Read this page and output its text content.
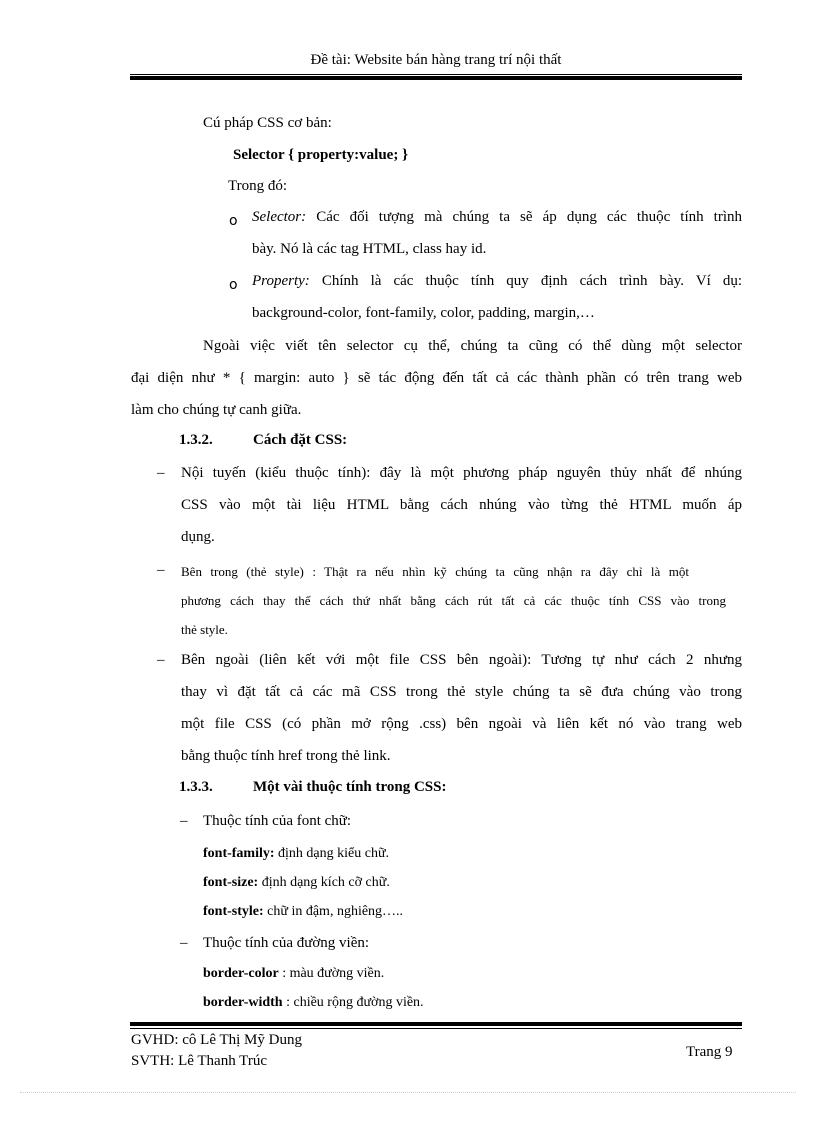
Đề tài: Website bán hàng trang trí nội thất
Cú pháp CSS cơ bản:
Selector { property:value; }
Trong đó:
o Selector: Các đối tượng mà chúng ta sẽ áp dụng các thuộc tính trình
bày. Nó là các tag HTML, class hay id.
o Property: Chính là các thuộc tính quy định cách trình bày. Ví dụ:
background-color, font-family, color, padding, margin,…
Ngoài việc viết tên selector cụ thể, chúng ta cũng có thể dùng một selector
đại diện như * { margin: auto } sẽ tác động đến tất cả các thành phần có trên trang web
làm cho chúng tự canh giữa.
1.3.2.	Cách đặt CSS:
– Nội tuyến (kiểu thuộc tính): đây là một phương pháp nguyên thủy nhất để nhúng
CSS vào một tài liệu HTML bằng cách nhúng vào từng thẻ HTML muốn áp
dụng.
– Bên trong (thẻ style) : Thật ra nếu nhìn kỹ chúng ta cũng nhận ra đây chỉ là một
phương cách thay thế cách thứ nhất bằng cách rút tất cả các thuộc tính CSS vào trong
thẻ style.
– Bên ngoài (liên kết với một file CSS bên ngoài): Tương tự như cách 2 nhưng
thay vì đặt tất cả các mã CSS trong thẻ style chúng ta sẽ đưa chúng vào trong
một file CSS (có phần mở rộng .css) bên ngoài và liên kết nó vào trang web
bằng thuộc tính href trong thẻ link.
1.3.3.	Một vài thuộc tính trong CSS:
– Thuộc tính của font chữ:
font-family: định dạng kiểu chữ.
font-size: định dạng kích cỡ chữ.
font-style: chữ in đậm, nghiêng…..
– Thuộc tính của đường viền:
border-color : màu đường viền.
border-width : chiều rộng đường viền.
GVHD: cô Lê Thị Mỹ Dung
SVTH: Lê Thanh Trúc
Trang 9
